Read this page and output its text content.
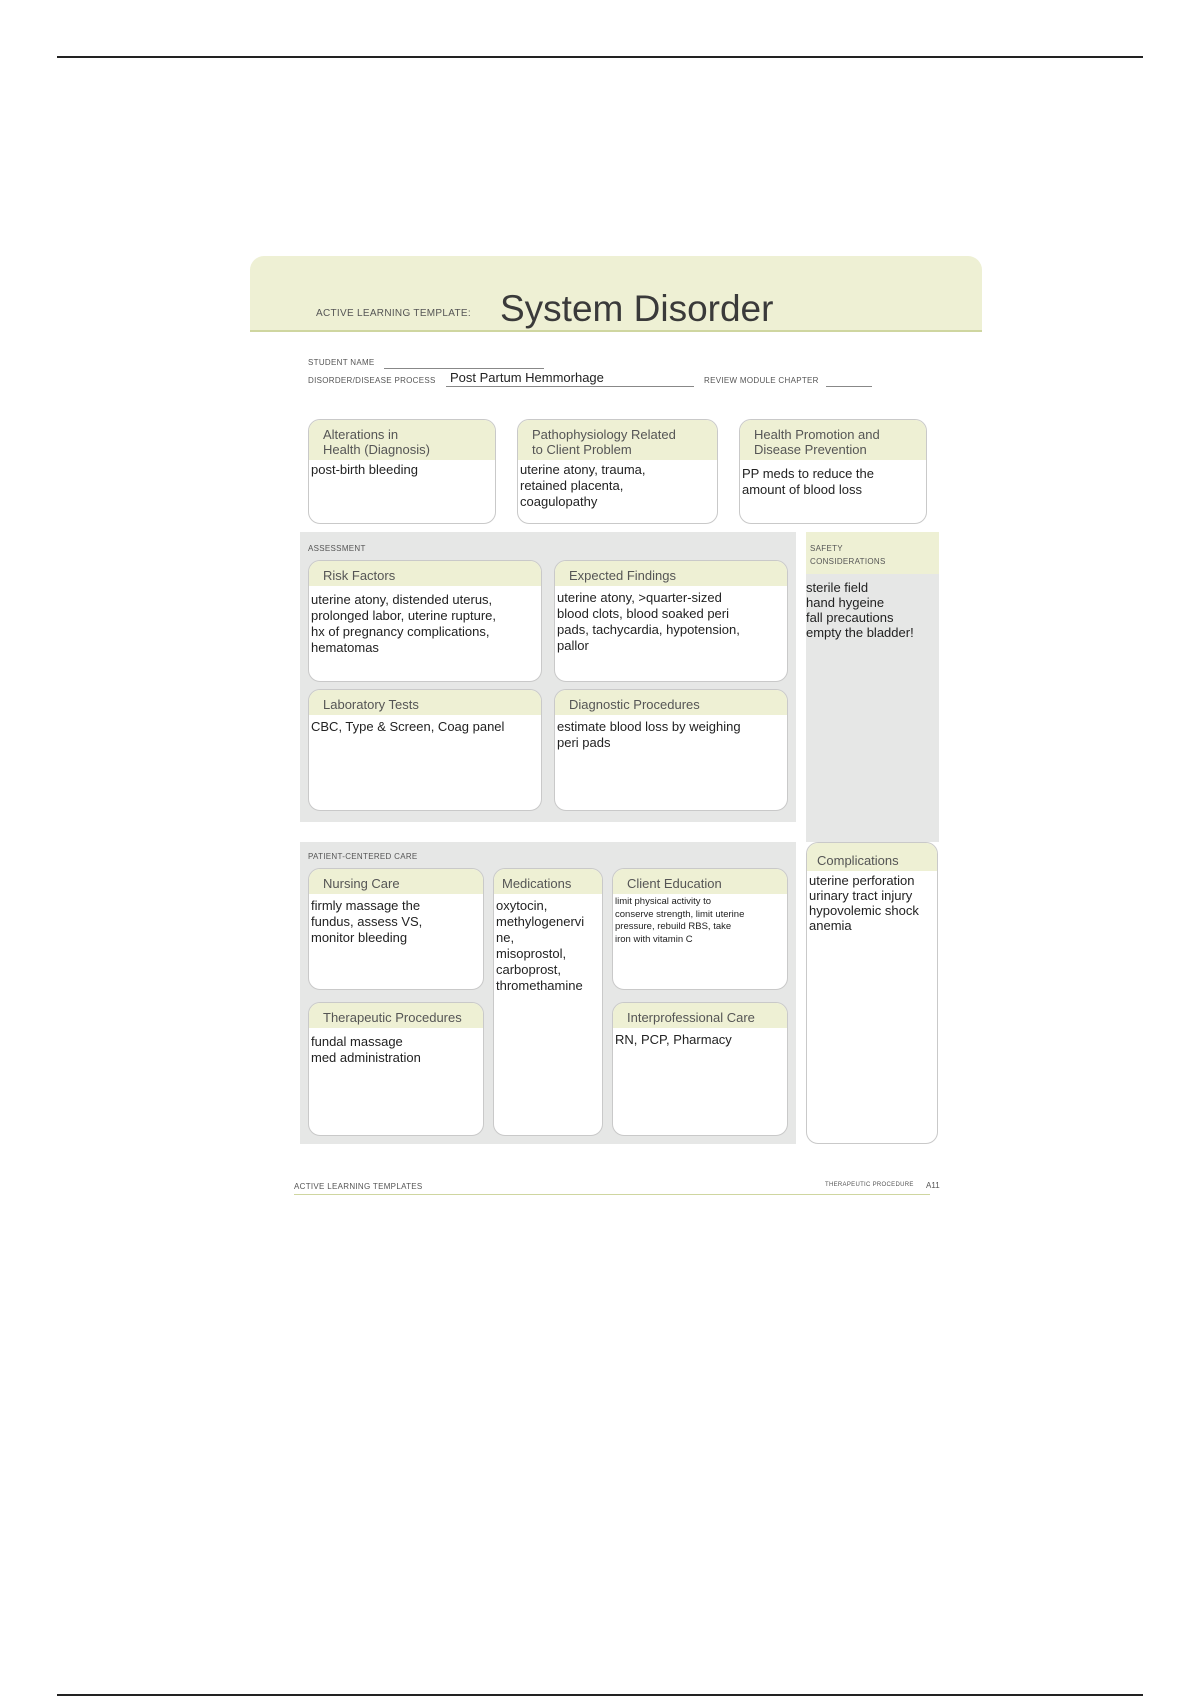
ACTIVE LEARNING TEMPLATE: System Disorder
STUDENT NAME
DISORDER/DISEASE PROCESS Post Partum Hemmorhage	REVIEW MODULE CHAPTER
Alterations in
Health (Diagnosis)
post-birth bleeding
Pathophysiology Related
to Client Problem
uterine atony, trauma,
retained placenta,
coagulopathy
Health Promotion and
Disease Prevention
PP meds to reduce the
amount of blood loss
ASSESSMENT
Risk Factors
uterine atony, distended uterus,
prolonged labor, uterine rupture,
hx of pregnancy complications,
hematomas
Expected Findings
uterine atony, >quarter-sized
blood clots, blood soaked peri
pads, tachycardia, hypotension,
pallor
Laboratory Tests
CBC, Type & Screen, Coag panel
Diagnostic Procedures
estimate blood loss by weighing
peri pads
SAFETY
CONSIDERATIONS
sterile field
hand hygeine
fall precautions
empty the bladder!
PATIENT-CENTERED CARE
Nursing Care
firmly massage the
fundus, assess VS,
monitor bleeding
Medications
oxytocin,
methylogenervi
ne,
misoprostol,
carboprost,
thromethamine
Client Education
limit physical activity to
conserve strength, limit uterine
pressure, rebuild RBS, take
iron with vitamin C
Therapeutic Procedures
fundal massage
med administration
Interprofessional Care
RN, PCP, Pharmacy
Complications
uterine perforation
urinary tract injury
hypovolemic shock
anemia
ACTIVE LEARNING TEMPLATES	THERAPEUTIC PROCEDURE A11
